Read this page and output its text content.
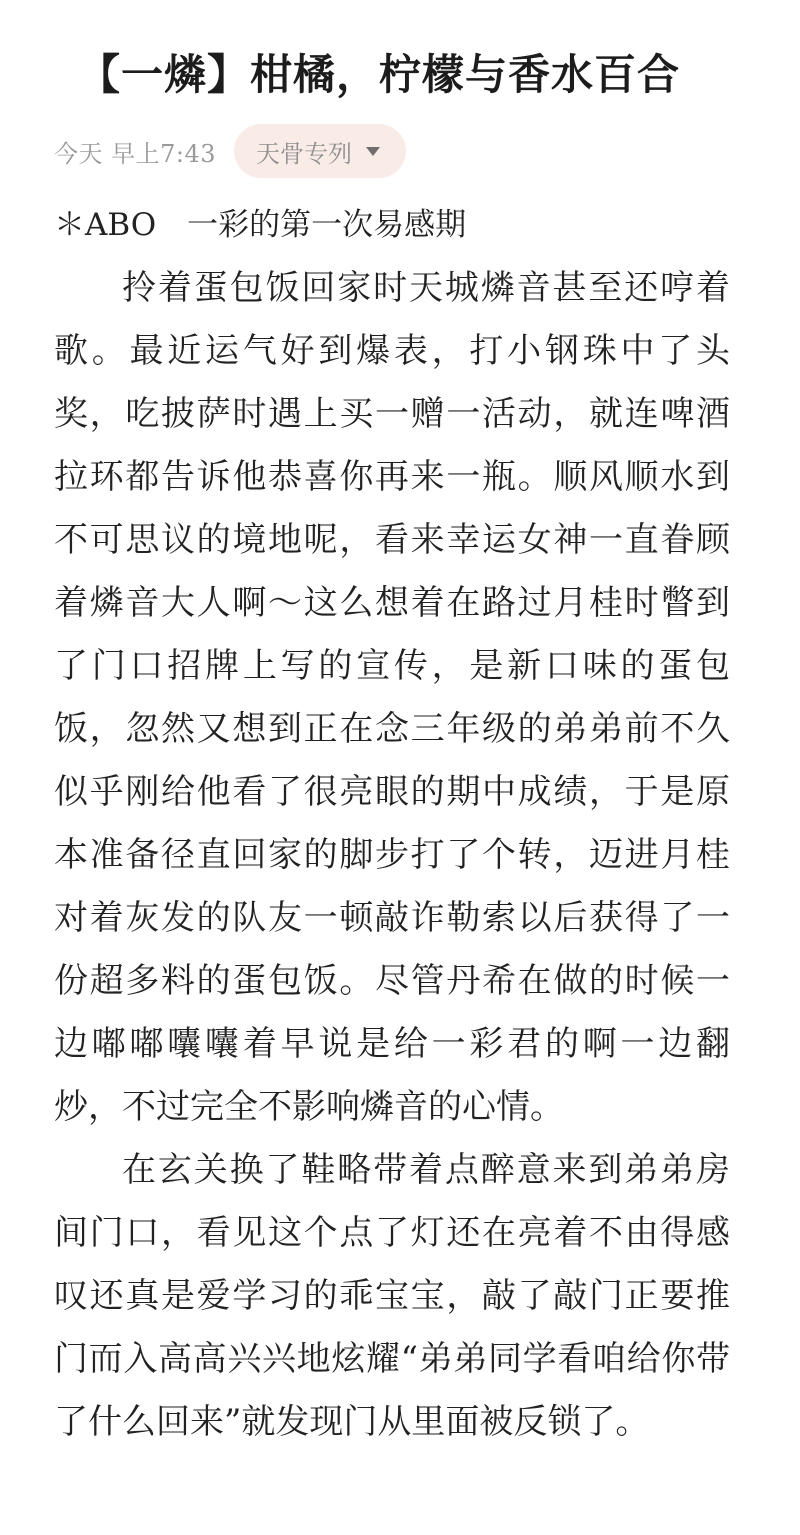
【一燐】柑橘，柠檬与香水百合
今天 早上7:43 天骨专列
＊ABO　一彩的第一次易感期

拎着蛋包饭回家时天城燐音甚至还哼着歌。最近运气好到爆表，打小钢珠中了头奖，吃披萨时遇上买一赠一活动，就连啤酒拉环都告诉他恭喜你再来一瓶。顺风顺水到不可思议的境地呢，看来幸运女神一直眷顾着燐音大人啊～这么想着在路过月桂时瞥到了门口招牌上写的宣传，是新口味的蛋包饭，忽然又想到正在念三年级的弟弟前不久似乎刚给他看了很亮眼的期中成绩，于是原本准备径直回家的脚步打了个转，迈进月桂对着灰发的队友一顿敲诈勒索以后获得了一份超多料的蛋包饭。尽管丹希在做的时候一边嘟嘟囔囔着早说是给一彩君的啊一边翻炒，不过完全不影响燐音的心情。

在玄关换了鞋略带着点醉意来到弟弟房间门口，看见这个点了灯还在亮着不由得感叹还真是爱学习的乖宝宝，敲了敲门正要推门而入高高兴兴地炫耀“弟弟同学看咱给你带了什么回来”就发现门从里面被反锁了。
